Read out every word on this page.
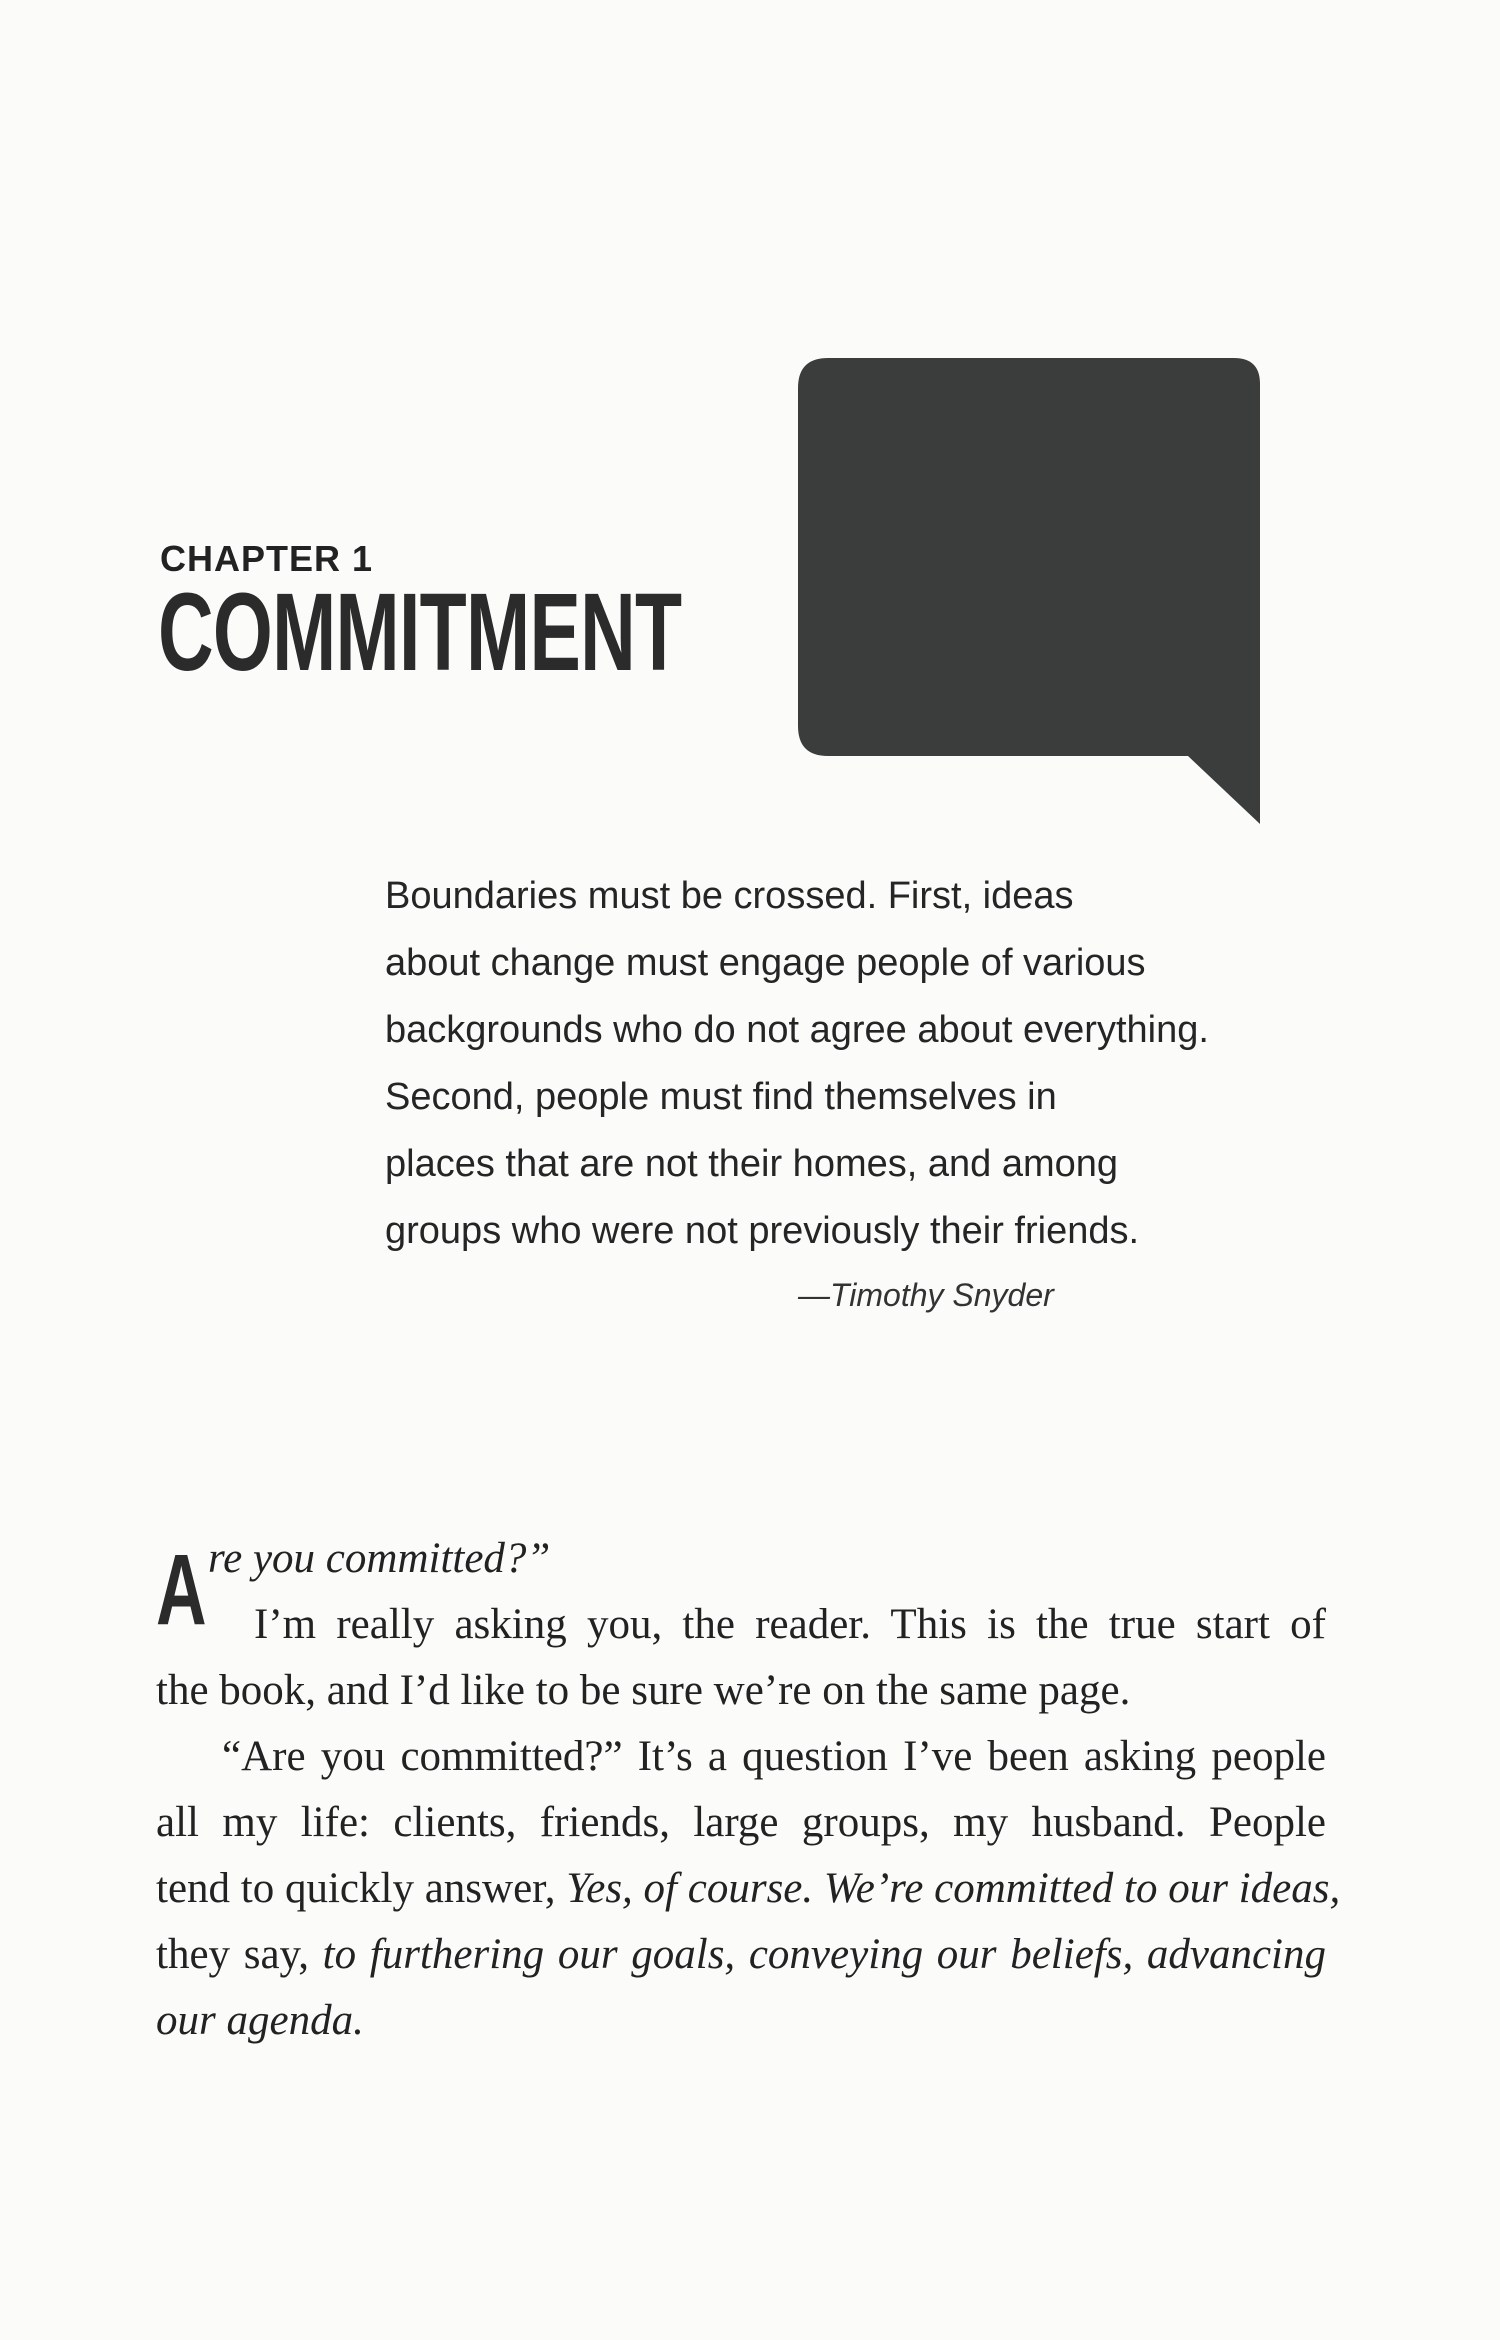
CHAPTER 1

COMMITMENT
Boundaries must be crossed. First, ideas
about change must engage people of various
backgrounds who do not agree about everything.
Second, people must find themselves in
places that are not their homes, and among
groups who were not previously their friends.

—Timothy Snyder

A re you committed?”
I’m really asking you, the reader. This is the true start of
the book, and I’d like to be sure we’re on the same page.
“Are you committed?” It’s a question I’ve been asking people
all my life: clients, friends, large groups, my husband. People
tend to quickly answer, Yes, of course. We’re committed to our ideas,
they say, to furthering our goals, conveying our beliefs, advancing
our agenda.
